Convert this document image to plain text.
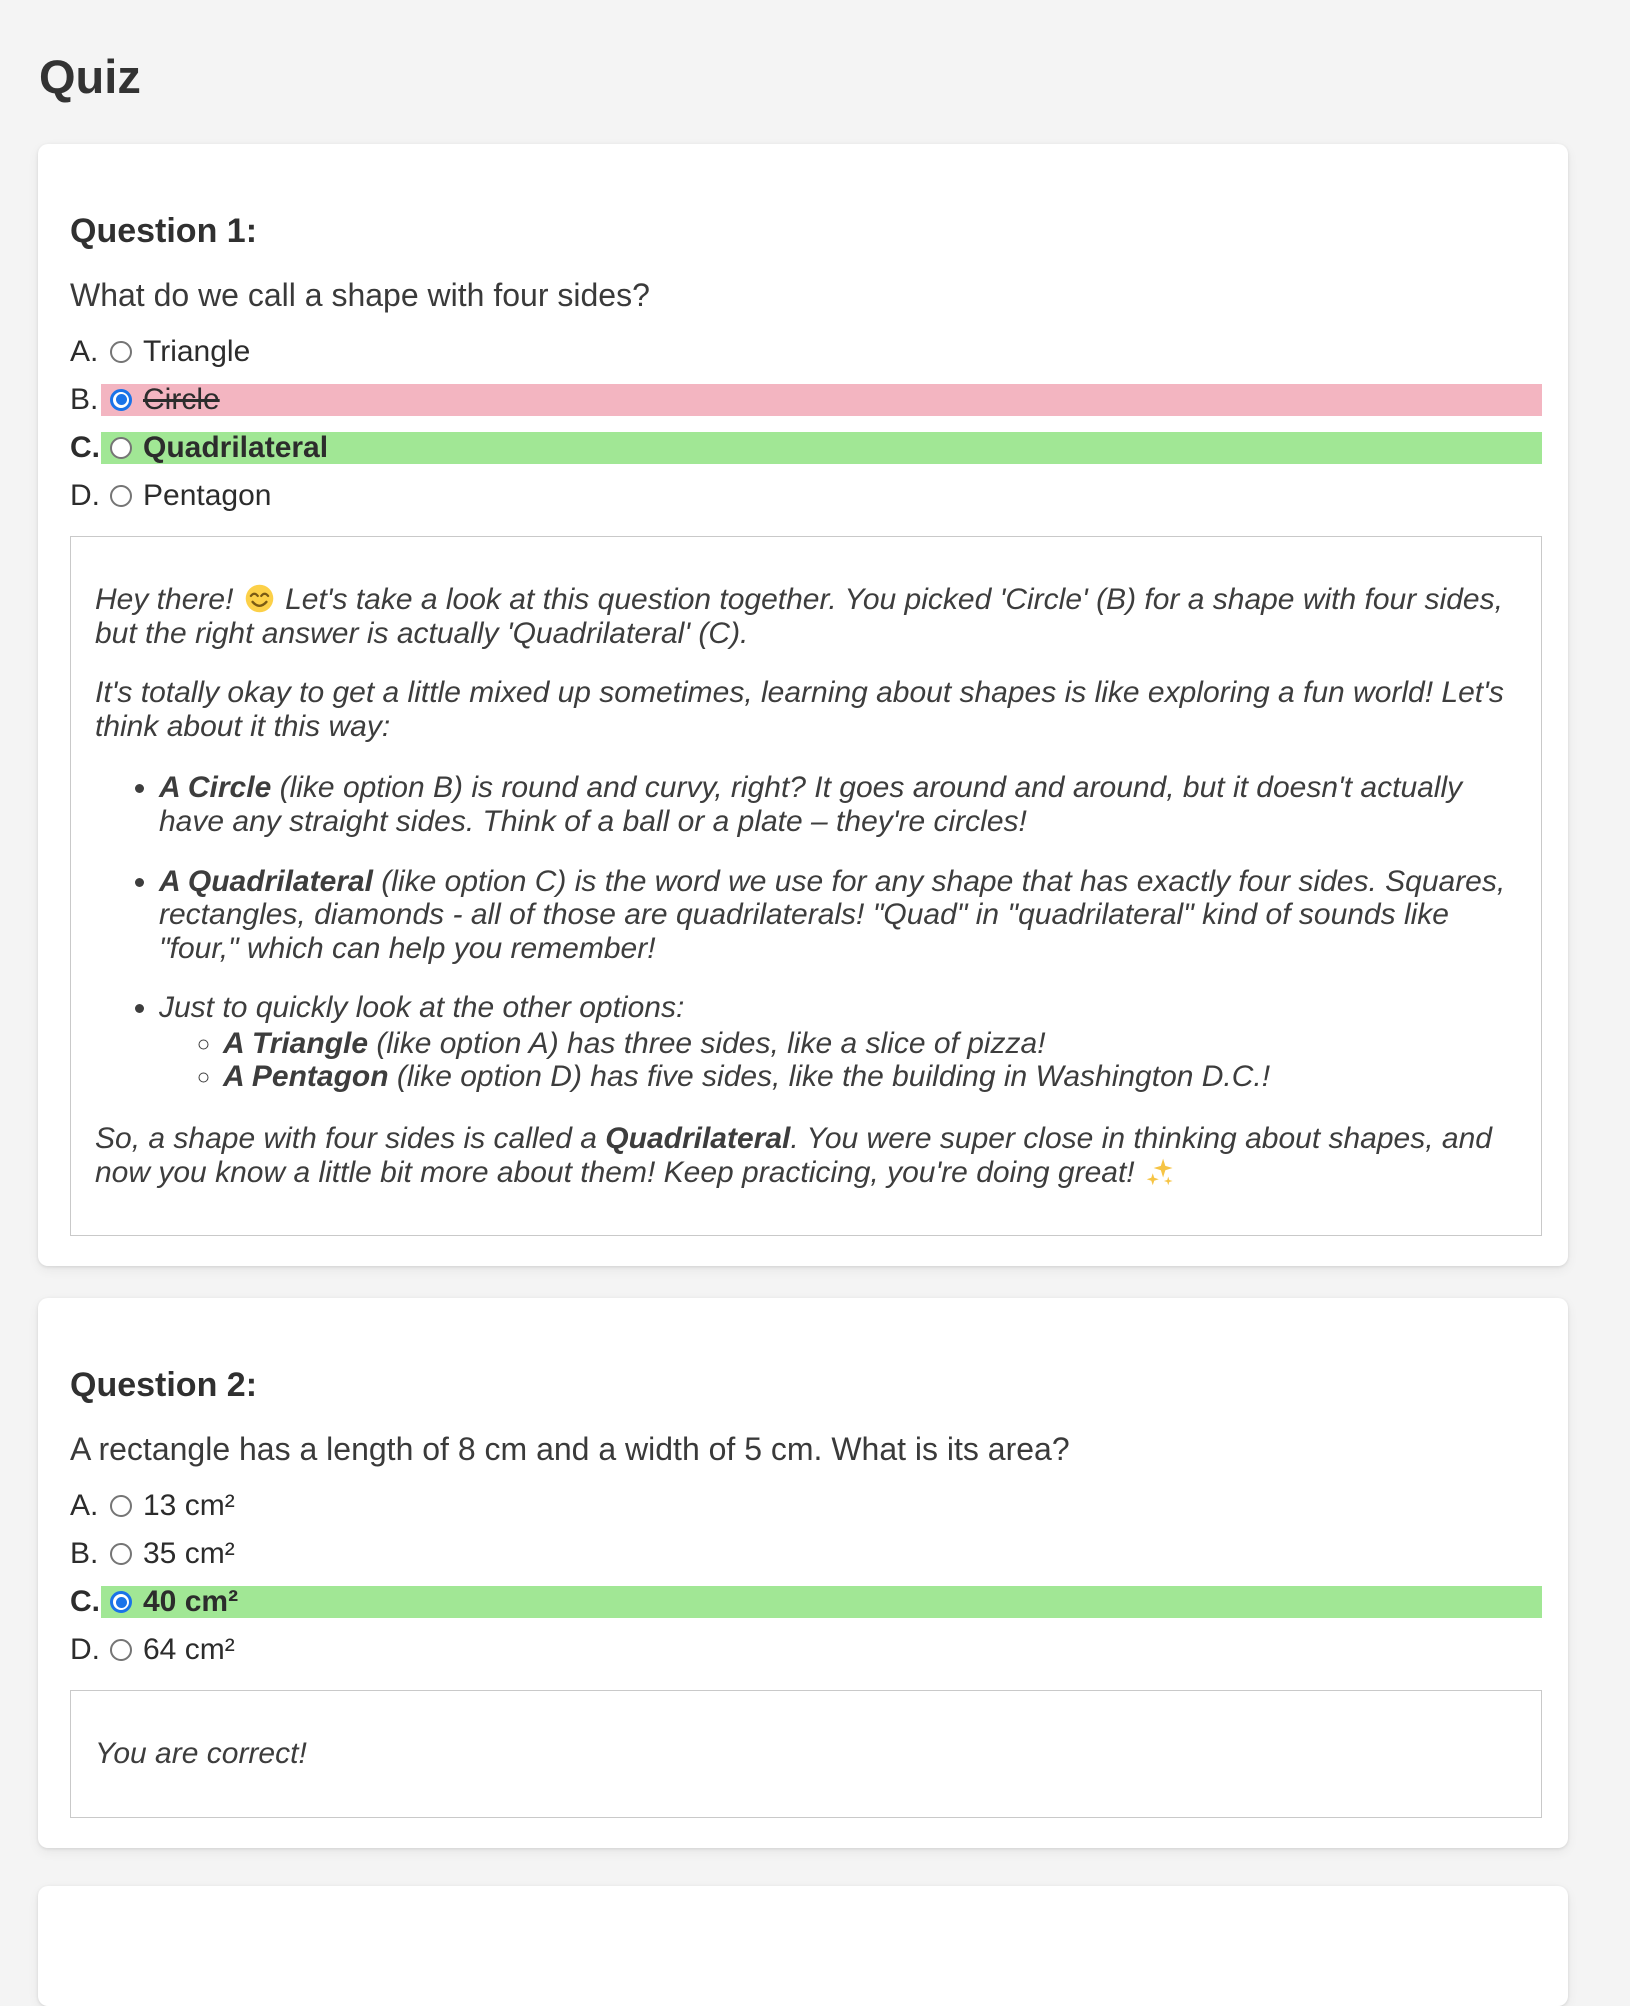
Quiz
Question 1:

What do we call a shape with four sides?

A. Triangle
B. Circle
C. Quadrilateral
D. Pentagon

Hey there!  Let's take a look at this question together. You picked 'Circle' (B) for a shape with four sides, but the right answer is actually 'Quadrilateral' (C).

It's totally okay to get a little mixed up sometimes, learning about shapes is like exploring a fun world! Let's think about it this way:

• A Circle (like option B) is round and curvy, right? It goes around and around, but it doesn't actually have any straight sides. Think of a ball or a plate – they're circles!
• A Quadrilateral (like option C) is the word we use for any shape that has exactly four sides. Squares, rectangles, diamonds - all of those are quadrilaterals! "Quad" in "quadrilateral" kind of sounds like "four," which can help you remember!
• Just to quickly look at the other options:
◦ A Triangle (like option A) has three sides, like a slice of pizza!
◦ A Pentagon (like option D) has five sides, like the building in Washington D.C.!

So, a shape with four sides is called a Quadrilateral. You were super close in thinking about shapes, and now you know a little bit more about them! Keep practicing, you're doing great!

Question 2:

A rectangle has a length of 8 cm and a width of 5 cm. What is its area?

A. 13 cm²
B. 35 cm²
C. 40 cm²
D. 64 cm²

You are correct!
